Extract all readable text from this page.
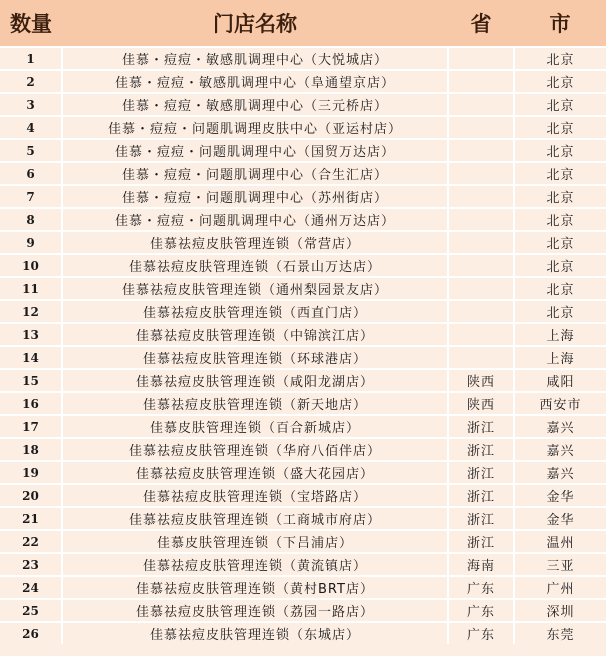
数量	门店名称	省	市
1	佳慕・痘痘・敏感肌调理中心（大悦城店）		北京
2	佳慕・痘痘・敏感肌调理中心（阜通望京店）		北京
3	佳慕・痘痘・敏感肌调理中心（三元桥店）		北京
4	佳慕・痘痘・问题肌调理皮肤中心（亚运村店）		北京
5	佳慕・痘痘・问题肌调理中心（国贸万达店）		北京
6	佳慕・痘痘・问题肌调理中心（合生汇店）		北京
7	佳慕・痘痘・问题肌调理中心（苏州街店）		北京
8	佳慕・痘痘・问题肌调理中心（通州万达店）		北京
9	佳慕祛痘皮肤管理连锁（常营店）		北京
10	佳慕祛痘皮肤管理连锁（石景山万达店）		北京
11	佳慕祛痘皮肤管理连锁（通州梨园景友店）		北京
12	佳慕祛痘皮肤管理连锁（西直门店）		北京
13	佳慕祛痘皮肤管理连锁（中锦滨江店）		上海
14	佳慕祛痘皮肤管理连锁（环球港店）		上海
15	佳慕祛痘皮肤管理连锁（咸阳龙湖店）	陕西	咸阳
16	佳慕祛痘皮肤管理连锁（新天地店）	陕西	西安市
17	佳慕皮肤管理连锁（百合新城店）	浙江	嘉兴
18	佳慕祛痘皮肤管理连锁（华府八佰伴店）	浙江	嘉兴
19	佳慕祛痘皮肤管理连锁（盛大花园店）	浙江	嘉兴
20	佳慕祛痘皮肤管理连锁（宝塔路店）	浙江	金华
21	佳慕祛痘皮肤管理连锁（工商城市府店）	浙江	金华
22	佳慕皮肤管理连锁（下吕浦店）	浙江	温州
23	佳慕祛痘皮肤管理连锁（黄流镇店）	海南	三亚
24	佳慕祛痘皮肤管理连锁（黄村BRT店）	广东	广州
25	佳慕祛痘皮肤管理连锁（荔园一路店）	广东	深圳
26	佳慕祛痘皮肤管理连锁（东城店）	广东	东莞
